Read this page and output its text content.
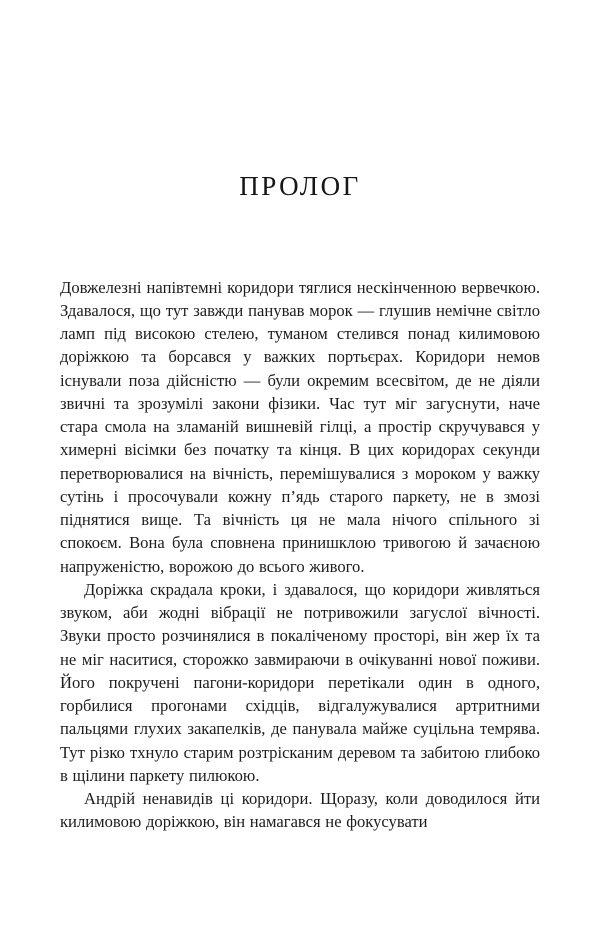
ПРОЛОГ

Довжелезні напівтемні коридори тяглися нескінченною вервечкою. Здавалося, що тут завжди панував морок — глушив немічне світло ламп під високою стелею, туманом стелився понад килимовою доріжкою та борсався у важких портьєрах. Коридори немов існували поза дійсністю — були окремим всесвітом, де не діяли звичні та зрозумілі закони фізики. Час тут міг загуснути, наче стара смола на зламаній вишневій гілці, а простір скручувався у химерні вісімки без початку та кінця. В цих коридорах секунди перетворювалися на вічність, перемішувалися з мороком у важку сутінь і просочували кожну п’ядь старого паркету, не в змозі піднятися вище. Та вічність ця не мала нічого спільного зі спокоєм. Вона була сповнена принишклою тривогою й зачаєною напруженістю, ворожою до всього живого.

Доріжка скрадала кроки, і здавалося, що коридори живляться звуком, аби жодні вібрації не потривожили загуслої вічності. Звуки просто розчинялися в покаліченому просторі, він жер їх та не міг наситися, сторожко завмираючи в очікуванні нової поживи. Його покручені пагони-коридори перетікали один в одного, горбилися прогонами східців, відгалужувалися артритними пальцями глухих закапелків, де панувала майже суцільна темрява. Тут різко тхнуло старим розтрісканим деревом та забитою глибоко в щілини паркету пилюкою.

Андрій ненавидів ці коридори. Щоразу, коли доводилося йти килимовою доріжкою, він намагався не фокусувати
